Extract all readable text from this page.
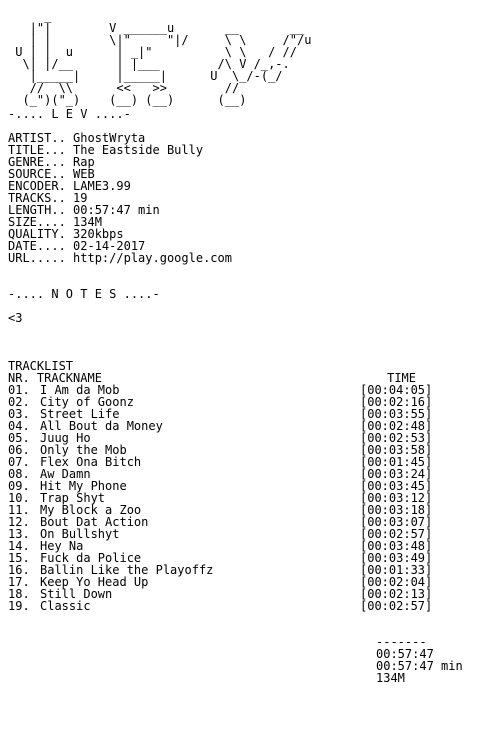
_
|"|        V ______u       __       __
| |        \|"     "|/     \ \     /"/u
U | |  u      | _|"          \ \   / //
\| |/__      | |___        /\ V /_,-.
|_____|     |_____|      U  \_/-(_/
//  \\      <<   >>        //
(_")("_)    (__) (__)      (__)
-.... L E V ....-
ARTIST..
GhostWryta
TITLE...
The Eastside Bully
GENRE...
Rap
SOURCE..
WEB
ENCODER.
LAME3.99
TRACKS..
19
LENGTH..
00:57:47 min
SIZE....
134M
QUALITY.
320kbps
DATE....
02-14-2017
URL.....
http://play.google.com
-.... N O T E S ....-
<3
TRACKLIST
NR. TRACKNAME	TIME
01. I Am da Mob	[00:04:05]
02. City of Goonz	[00:02:16]
03. Street Life	[00:03:55]
04. All Bout da Money	[00:02:48]
05. Juug Ho	[00:02:53]
06. Only the Mob	[00:03:58]
07. Flex Ona Bitch	[00:01:45]
08. Aw Damn	[00:03:24]
09. Hit My Phone	[00:03:45]
10. Trap Shyt	[00:03:12]
11. My Block a Zoo	[00:03:18]
12. Bout Dat Action	[00:03:07]
13. On Bullshyt	[00:02:57]
14. Hey Na	[00:03:48]
15. Fuck da Police	[00:03:49]
16. Ballin Like the Playoffz	[00:01:33]
17. Keep Yo Head Up	[00:02:04]
18. Still Down	[00:02:13]
19. Classic	[00:02:57]
-------
00:57:47
00:57:47 min
134M
